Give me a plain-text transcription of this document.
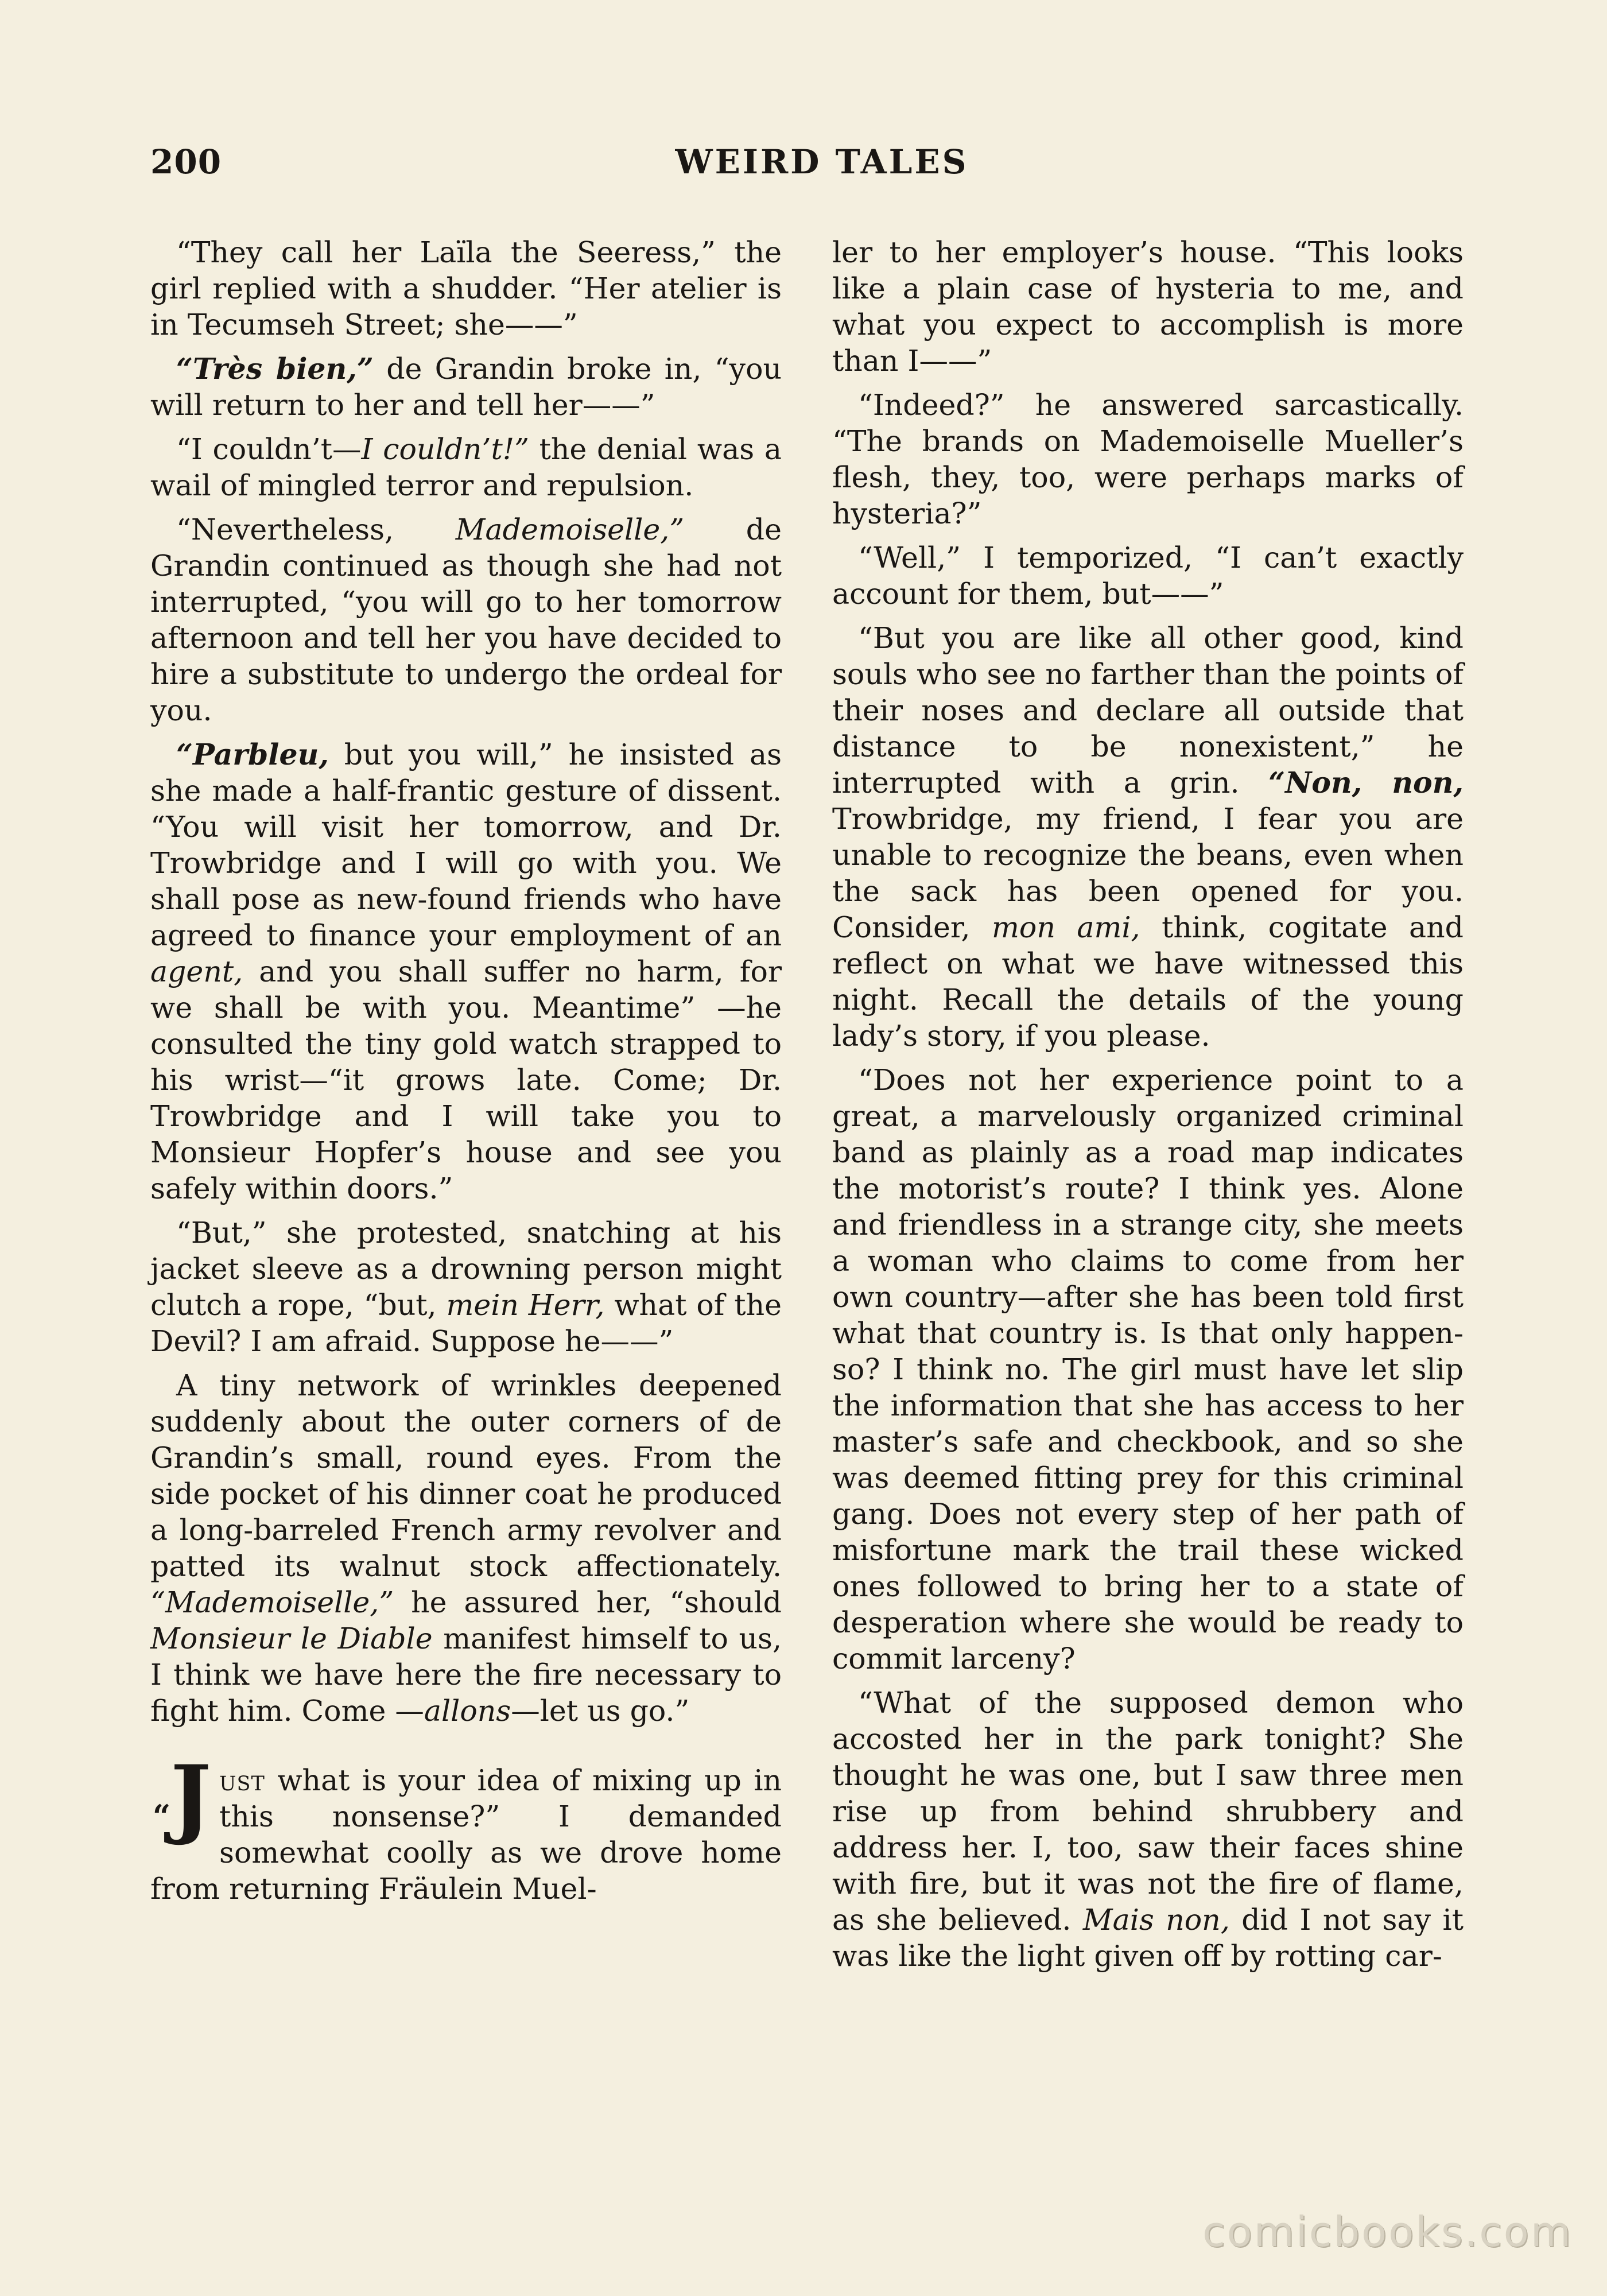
200	WEIRD TALES

“They call her Laïla the Seeress,” the girl replied with a shudder. “Her atelier is in Tecumseh Street; she——”

“Très bien,” de Grandin broke in, “you will return to her and tell her——”

“I couldn’t—I couldn’t!” the denial was a wail of mingled terror and repulsion.

“Nevertheless, Mademoiselle,” de Grandin continued as though she had not interrupted, “you will go to her tomorrow afternoon and tell her you have decided to hire a substitute to undergo the ordeal for you.

“Parbleu, but you will,” he insisted as she made a half-frantic gesture of dissent. “You will visit her tomorrow, and Dr. Trowbridge and I will go with you. We shall pose as new-found friends who have agreed to finance your employment of an agent, and you shall suffer no harm, for we shall be with you. Meantime” —he consulted the tiny gold watch strapped to his wrist—“it grows late. Come; Dr. Trowbridge and I will take you to Monsieur Hopfer’s house and see you safely within doors.”

“But,” she protested, snatching at his jacket sleeve as a drowning person might clutch a rope, “but, mein Herr, what of the Devil? I am afraid. Suppose he——”

A tiny network of wrinkles deepened suddenly about the outer corners of de Grandin’s small, round eyes. From the side pocket of his dinner coat he produced a long-barreled French army revolver and patted its walnut stock affectionately. “Mademoiselle,” he assured her, “should Monsieur le Diable manifest himself to us, I think we have here the fire necessary to fight him. Come —allons—let us go.”

“J ust what is your idea of mixing up in this nonsense?” I demanded somewhat coolly as we drove home from returning Fräulein Muel-

ler to her employer’s house. “This looks like a plain case of hysteria to me, and what you expect to accomplish is more than I——”

“Indeed?” he answered sarcastically. “The brands on Mademoiselle Mueller’s flesh, they, too, were perhaps marks of hysteria?”

“Well,” I temporized, “I can’t exactly account for them, but——”

“But you are like all other good, kind souls who see no farther than the points of their noses and declare all outside that distance to be nonexistent,” he interrupted with a grin. “Non, non, Trowbridge, my friend, I fear you are unable to recognize the beans, even when the sack has been opened for you. Consider, mon ami, think, cogitate and reflect on what we have witnessed this night. Recall the details of the young lady’s story, if you please.

“Does not her experience point to a great, a marvelously organized criminal band as plainly as a road map indicates the motorist’s route? I think yes. Alone and friendless in a strange city, she meets a woman who claims to come from her own country—after she has been told first what that country is. Is that only happen-so? I think no. The girl must have let slip the information that she has access to her master’s safe and checkbook, and so she was deemed fitting prey for this criminal gang. Does not every step of her path of misfortune mark the trail these wicked ones followed to bring her to a state of desperation where she would be ready to commit larceny?

“What of the supposed demon who accosted her in the park tonight? She thought he was one, but I saw three men rise up from behind shrubbery and address her. I, too, saw their faces shine with fire, but it was not the fire of flame, as she believed. Mais non, did I not say it was like the light given off by rotting car-

comicbooks.com
